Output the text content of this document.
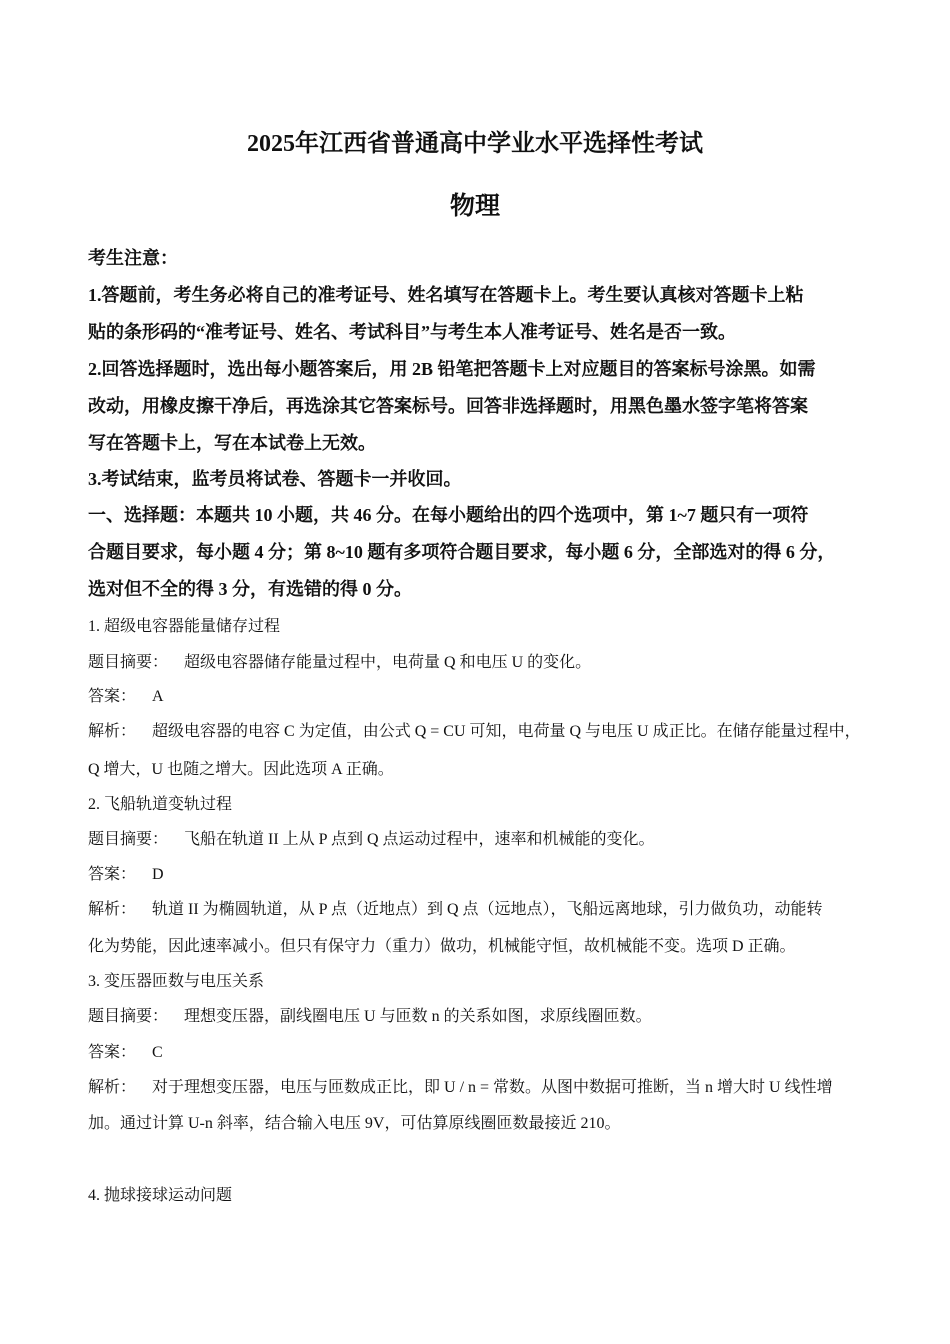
2025年江西省普通高中学业水平选择性考试
物理
考生注意：
1.答题前，考生务必将自己的准考证号、姓名填写在答题卡上。考生要认真核对答题卡上粘
贴的条形码的“准考证号、姓名、考试科目”与考生本人准考证号、姓名是否一致。
2.回答选择题时，选出每小题答案后，用 2B 铅笔把答题卡上对应题目的答案标号涂黑。如需
改动，用橡皮擦干净后，再选涂其它答案标号。回答非选择题时，用黑色墨水签字笔将答案
写在答题卡上，写在本试卷上无效。
3.考试结束，监考员将试卷、答题卡一并收回。
一、选择题：本题共 10 小题，共 46 分。在每小题给出的四个选项中，第 1~7 题只有一项符
合题目要求，每小题 4 分；第 8~10 题有多项符合题目要求，每小题 6 分，全部选对的得 6 分，
选对但不全的得 3 分，有选错的得 0 分。
1. 超级电容器能量储存过程
题目摘要： 超级电容器储存能量过程中，电荷量 Q 和电压 U 的变化。
答案： A
解析： 超级电容器的电容 C 为定值，由公式 Q = CU 可知，电荷量 Q 与电压 U 成正比。在储存能量过程中，
Q 增大，U 也随之增大。因此选项 A 正确。
2. 飞船轨道变轨过程
题目摘要： 飞船在轨道 II 上从 P 点到 Q 点运动过程中，速率和机械能的变化。
答案： D
解析： 轨道 II 为椭圆轨道，从 P 点（近地点）到 Q 点（远地点），飞船远离地球，引力做负功，动能转
化为势能，因此速率减小。但只有保守力（重力）做功，机械能守恒，故机械能不变。选项 D 正确。
3. 变压器匝数与电压关系
题目摘要： 理想变压器，副线圈电压 U 与匝数 n 的关系如图，求原线圈匝数。
答案： C
解析： 对于理想变压器，电压与匝数成正比，即 U / n = 常数。从图中数据可推断，当 n 增大时 U 线性增
加。通过计算 U-n 斜率，结合输入电压 9V，可估算原线圈匝数最接近 210。
4. 抛球接球运动问题
